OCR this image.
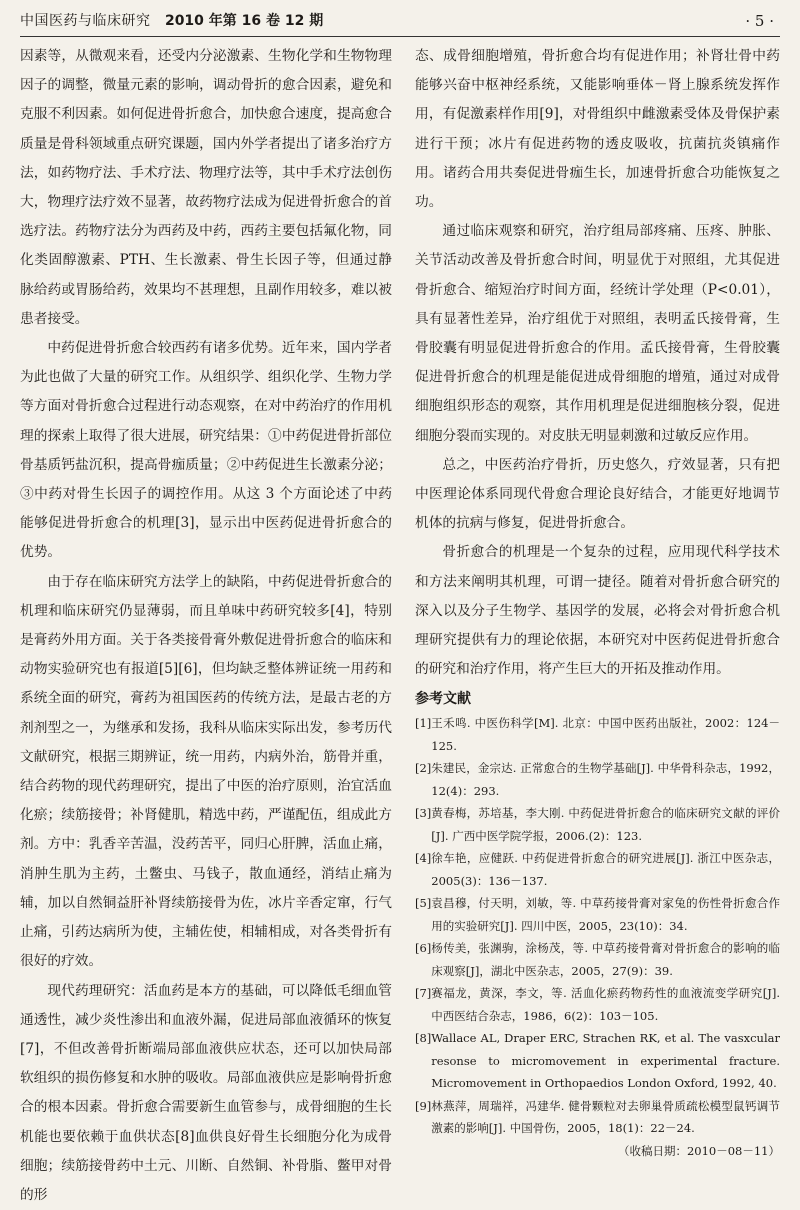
中国医药与临床研究 2010 年第 16 卷 12 期	· 5 ·

因素等，从微观来看，还受内分泌激素、生物化学和生物物理因子的调整，微量元素的影响，调动骨折的愈合因素，避免和克服不利因素。如何促进骨折愈合，加快愈合速度，提高愈合质量是骨科领域重点研究课题，国内外学者提出了诸多治疗方法，如药物疗法、手术疗法、物理疗法等，其中手术疗法创伤大，物理疗法疗效不显著，故药物疗法成为促进骨折愈合的首选疗法。药物疗法分为西药及中药，西药主要包括氟化物，同化类固醇激素、PTH、生长激素、骨生长因子等，但通过静脉给药或胃肠给药，效果均不甚理想，且副作用较多，难以被患者接受。

中药促进骨折愈合较西药有诸多优势。近年来，国内学者为此也做了大量的研究工作。从组织学、组织化学、生物力学等方面对骨折愈合过程进行动态观察，在对中药治疗的作用机理的探索上取得了很大进展，研究结果：①中药促进骨折部位骨基质钙盐沉积，提高骨痂质量；②中药促进生长激素分泌；③中药对骨生长因子的调控作用。从这 3 个方面论述了中药能够促进骨折愈合的机理[3]，显示出中医药促进骨折愈合的优势。

由于存在临床研究方法学上的缺陷，中药促进骨折愈合的机理和临床研究仍显薄弱，而且单味中药研究较多[4]，特别是膏药外用方面。关于各类接骨膏外敷促进骨折愈合的临床和动物实验研究也有报道[5][6]，但均缺乏整体辨证统一用药和系统全面的研究，膏药为祖国医药的传统方法，是最古老的方剂剂型之一，为继承和发扬，我科从临床实际出发，参考历代文献研究，根据三期辨证，统一用药，内病外治，筋骨并重，结合药物的现代药理研究，提出了中医的治疗原则，治宜活血化瘀；续筋接骨；补肾健肌，精选中药，严谨配伍，组成此方剂。方中：乳香辛苦温，没药苦平，同归心肝脾，活血止痛，消肿生肌为主药，土鳖虫、马钱子，散血通经，消结止痛为辅，加以自然铜益肝补肾续筋接骨为佐，冰片辛香定窜，行气止痛，引药达病所为使，主辅佐使，相辅相成，对各类骨折有很好的疗效。

现代药理研究：活血药是本方的基础，可以降低毛细血管通透性，减少炎性渗出和血液外漏，促进局部血液循环的恢复[7]，不但改善骨折断端局部血液供应状态，还可以加快局部软组织的损伤修复和水肿的吸收。局部血液供应是影响骨折愈合的根本因素。骨折愈合需要新生血管参与，成骨细胞的生长机能也要依赖于血供状态[8]血供良好骨生长细胞分化为成骨细胞；续筋接骨药中土元、川断、自然铜、补骨脂、鳖甲对骨的形

态、成骨细胞增殖，骨折愈合均有促进作用；补肾壮骨中药能够兴奋中枢神经系统，又能影响垂体－肾上腺系统发挥作用，有促激素样作用[9]，对骨组织中雌激素受体及骨保护素进行干预；冰片有促进药物的透皮吸收，抗菌抗炎镇痛作用。诸药合用共奏促进骨痂生长，加速骨折愈合功能恢复之功。

通过临床观察和研究，治疗组局部疼痛、压疼、肿胀、关节活动改善及骨折愈合时间，明显优于对照组，尤其促进骨折愈合、缩短治疗时间方面，经统计学处理（P<0.01），具有显著性差异，治疗组优于对照组，表明孟氏接骨膏，生骨胶囊有明显促进骨折愈合的作用。孟氏接骨膏，生骨胶囊促进骨折愈合的机理是能促进成骨细胞的增殖，通过对成骨细胞组织形态的观察，其作用机理是促进细胞核分裂，促进细胞分裂而实现的。对皮肤无明显刺激和过敏反应作用。

总之，中医药治疗骨折，历史悠久，疗效显著，只有把中医理论体系同现代骨愈合理论良好结合，才能更好地调节机体的抗病与修复，促进骨折愈合。

骨折愈合的机理是一个复杂的过程，应用现代科学技术和方法来阐明其机理，可谓一捷径。随着对骨折愈合研究的深入以及分子生物学、基因学的发展，必将会对骨折愈合机理研究提供有力的理论依据，本研究对中医药促进骨折愈合的研究和治疗作用，将产生巨大的开拓及推动作用。

参考文献
[1] 王禾鸣. 中医伤科学[M]. 北京：中国中医药出版社，2002：124－125.
[2] 朱建民，金宗达. 正常愈合的生物学基础[J]. 中华骨科杂志，1992，12(4)：293.
[3] 黄春梅，苏培基，李大刚. 中药促进骨折愈合的临床研究文献的评价[J]. 广西中医学院学报，2006.(2)：123.
[4] 徐车艳，应健跃. 中药促进骨折愈合的研究进展[J]. 浙江中医杂志，2005(3)：136－137.
[5] 袁昌穆，付天明，刘敏，等. 中草药接骨膏对家兔的伤性骨折愈合作用的实验研究[J]. 四川中医，2005，23(10)：34.
[6] 杨传美，张渊驹，涂杨茂，等. 中草药接骨膏对骨折愈合的影响的临床观察[J]，湖北中医杂志，2005，27(9)：39.
[7] 赛福龙，黄深，李文，等. 活血化瘀药物药性的血液流变学研究[J]. 中西医结合杂志，1986，6(2)：103－105.
[8] Wallace AL, Draper ERC, Strachen RK, et al. The vasxcular resonse to micromovement in experimental fracture. Micromovement in Orthopaedios London Oxford, 1992, 40.
[9] 林燕萍，周瑞祥，冯建华. 健骨颗粒对去卵巢骨质疏松模型鼠钙调节激素的影响[J]. 中国骨伤，2005，18(1)：22－24.
（收稿日期：2010－08－11）
